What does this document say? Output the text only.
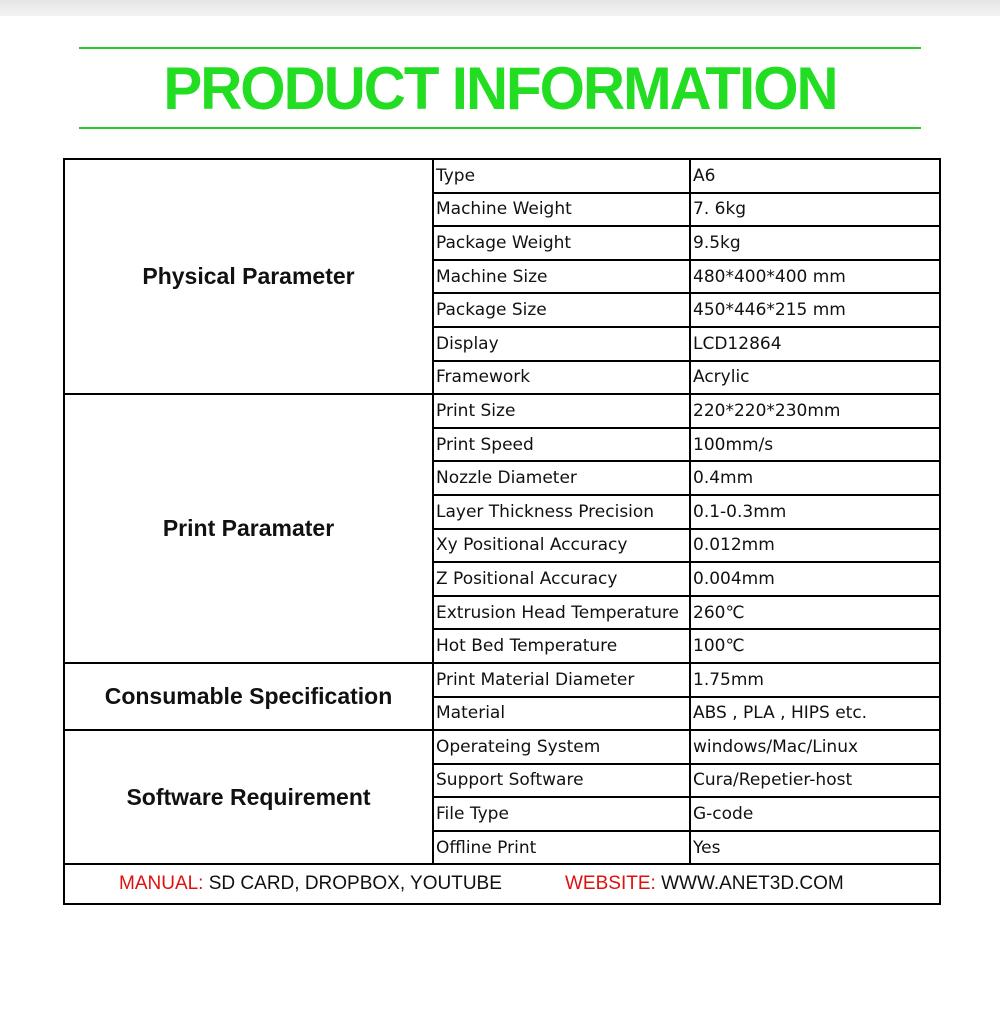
PRODUCT INFORMATION
Physical Parameter	Type	A6
	Machine Weight	7. 6kg
	Package Weight	9.5kg
	Machine Size	480*400*400 mm
	Package Size	450*446*215 mm
	Display	LCD12864
	Framework	Acrylic
Print Paramater	Print Size	220*220*230mm
	Print Speed	100mm/s
	Nozzle Diameter	0.4mm
	Layer Thickness Precision	0.1-0.3mm
	Xy Positional Accuracy	0.012mm
	Z Positional Accuracy	0.004mm
	Extrusion Head Temperature	260℃
	Hot Bed Temperature	100℃
Consumable Specification	Print Material Diameter	1.75mm
	Material	ABS , PLA , HIPS etc.
Software Requirement	Operateing System	windows/Mac/Linux
	Support Software	Cura/Repetier-host
	File Type	G-code
	Offline Print	Yes

MANUAL: SD CARD, DROPBOX, YOUTUBE WEBSITE: WWW.ANET3D.COM		
